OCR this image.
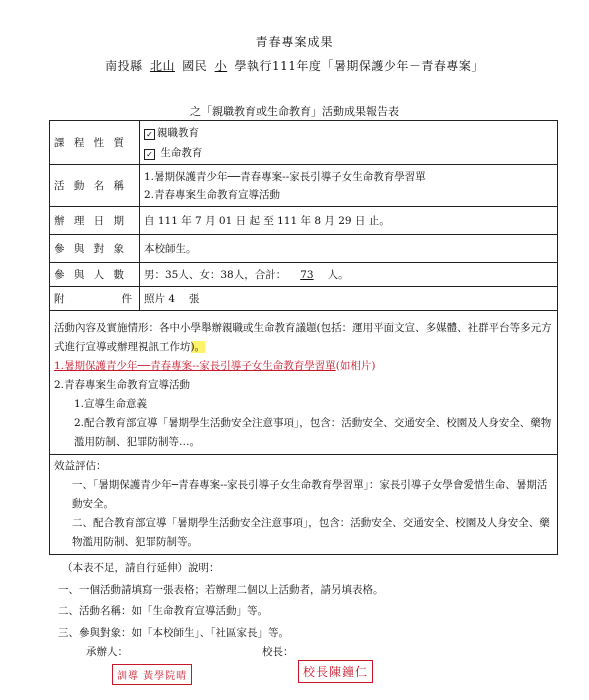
青春專案成果
南投縣 北山 國民 小 學執行111年度「暑期保護少年－青春專案」
之「親職教育或生命教育」活動成果報告表
課 程 性 質	✓ 親職教育
✓ 生命教育

活 動 名 稱	1.暑期保護青少年──青春專案--家長引導子女生命教育學習單
2.青春專案生命教育宣導活動

辦 理 日 期	自 111 年 7 月 01 日 起 至 111 年 8 月 29 日 止。
參 與 對 象	本校師生。
參 與 人 數	男：35人、女：38人，合計： 73 人。
附　　　　件	照片 4　 張

活動內容及實施情形：各中小學舉辦親職或生命教育議題(包括：運用平面文宣、多媒體、社群平台等多元方式進行宣導或辦理視訊工作坊)。
1.暑期保護青少年──青春專案--家長引導子女生命教育學習單(如相片)
2.青春專案生命教育宣導活動
1.宣導生命意義
2.配合教育部宣導「暑期學生活動安全注意事項」，包含：活動安全、交通安全、校園及人身安全、藥物濫用防制、犯罪防制等…。	

效益評估：
一、「暑期保護青少年─青春專案--家長引導子女生命教育學習單」：家長引導子女學會愛惜生命、暑期活動安全。
二、配合教育部宣導「暑期學生活動安全注意事項」，包含：活動安全、交通安全、校園及人身安全、藥物濫用防制、犯罪防制等。	
（本表不足，請自行延伸）說明：
一、一個活動請填寫一張表格；若辦理二個以上活動者，請另填表格。
二、活動名稱：如「生命教育宣導活動」等。
三、參與對象：如「本校師生」、「社區家長」等。
承辦人：	校長：
訓導 黃學院晴	校長陳鐘仁
